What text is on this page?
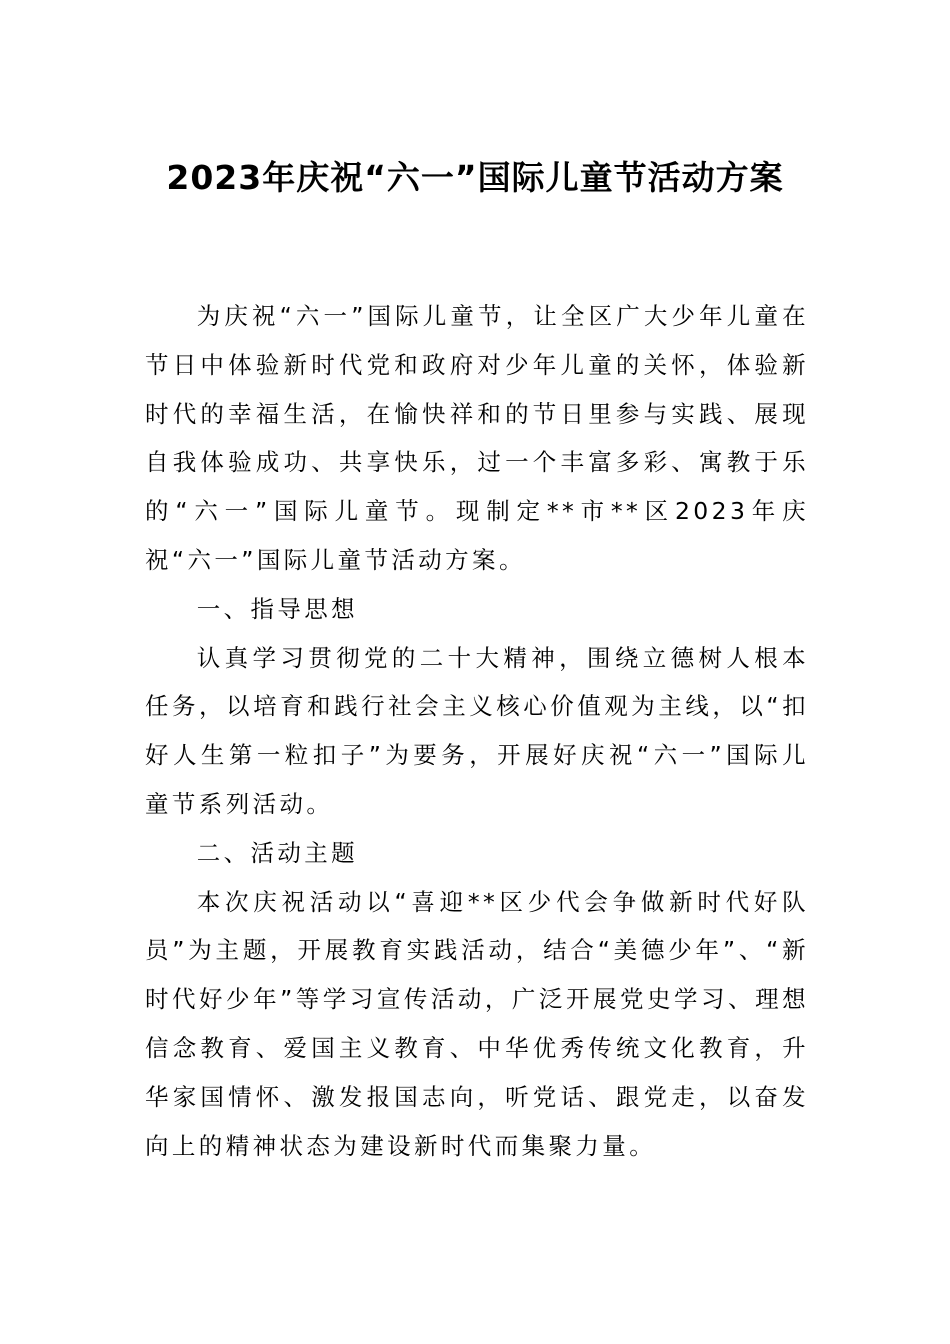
2023年庆祝“六一”国际儿童节活动方案

为庆祝“六一”国际儿童节，让全区广大少年儿童在节日中体验新时代党和政府对少年儿童的关怀，体验新时代的幸福生活，在愉快祥和的节日里参与实践、展现自我体验成功、共享快乐，过一个丰富多彩、寓教于乐的“六一”国际儿童节。现制定**市**区2023年庆祝“六一”国际儿童节活动方案。

一、指导思想

认真学习贯彻党的二十大精神，围绕立德树人根本任务，以培育和践行社会主义核心价值观为主线，以“扣好人生第一粒扣子”为要务，开展好庆祝“六一”国际儿童节系列活动。

二、活动主题

本次庆祝活动以“喜迎**区少代会争做新时代好队员”为主题，开展教育实践活动，结合“美德少年”、“新时代好少年”等学习宣传活动，广泛开展党史学习、理想信念教育、爱国主义教育、中华优秀传统文化教育，升华家国情怀、激发报国志向，听党话、跟党走，以奋发向上的精神状态为建设新时代而集聚力量。
